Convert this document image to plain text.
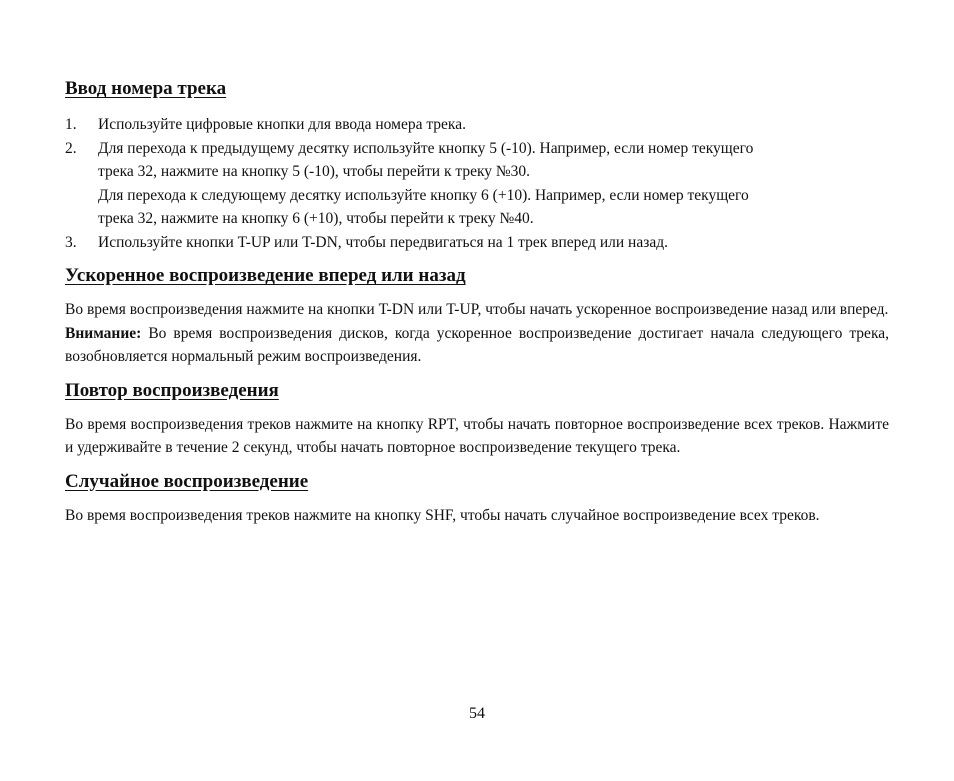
Ввод номера трека
1. Используйте цифровые кнопки для ввода номера трека.
2. Для перехода к предыдущему десятку используйте кнопку 5 (-10). Например, если номер текущего
трека 32, нажмите на кнопку 5 (-10), чтобы перейти к треку №30.
Для перехода к следующему десятку используйте кнопку 6 (+10). Например, если номер текущего
трека 32, нажмите на кнопку 6 (+10), чтобы перейти к треку №40.
3. Используйте кнопки T-UP или T-DN, чтобы передвигаться на 1 трек вперед или назад.
Ускоренное воспроизведение вперед или назад

Во время воспроизведения нажмите на кнопки T-DN или T-UP, чтобы начать ускоренное воспроизведение назад или вперед.

Внимание: Во время воспроизведения дисков, когда ускоренное воспроизведение достигает начала следующего трека, возобновляется нормальный режим воспроизведения.

Повтор воспроизведения

Во время воспроизведения треков нажмите на кнопку RPT, чтобы начать повторное воспроизведение всех треков. Нажмите и удерживайте в течение 2 секунд, чтобы начать повторное воспроизведение текущего трека.

Случайное воспроизведение

Во время воспроизведения треков нажмите на кнопку SHF, чтобы начать случайное воспроизведение всех треков.

54
